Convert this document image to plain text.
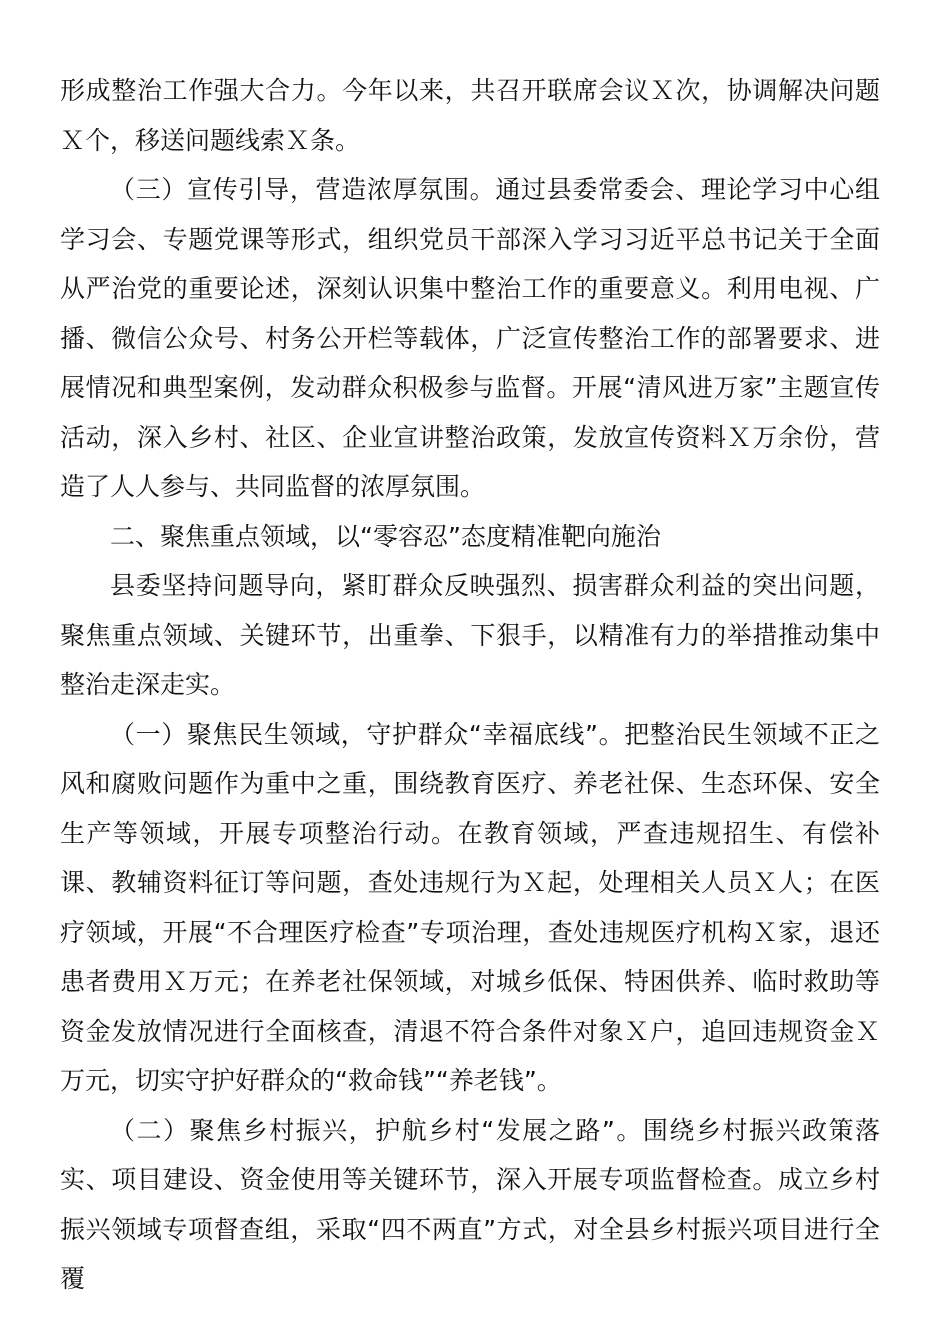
形成整治工作强大合力。今年以来，共召开联席会议Ｘ次，协调解决问题Ｘ个，移送问题线索Ｘ条。

（三）宣传引导，营造浓厚氛围。通过县委常委会、理论学习中心组学习会、专题党课等形式，组织党员干部深入学习习近平总书记关于全面从严治党的重要论述，深刻认识集中整治工作的重要意义。利用电视、广播、微信公众号、村务公开栏等载体，广泛宣传整治工作的部署要求、进展情况和典型案例，发动群众积极参与监督。开展“清风进万家”主题宣传活动，深入乡村、社区、企业宣讲整治政策，发放宣传资料Ｘ万余份，营造了人人参与、共同监督的浓厚氛围。

二、聚焦重点领域，以“零容忍”态度精准靶向施治

县委坚持问题导向，紧盯群众反映强烈、损害群众利益的突出问题，聚焦重点领域、关键环节，出重拳、下狠手，以精准有力的举措推动集中整治走深走实。

（一）聚焦民生领域，守护群众“幸福底线”。把整治民生领域不正之风和腐败问题作为重中之重，围绕教育医疗、养老社保、生态环保、安全生产等领域，开展专项整治行动。在教育领域，严查违规招生、有偿补课、教辅资料征订等问题，查处违规行为Ｘ起，处理相关人员Ｘ人；在医疗领域，开展“不合理医疗检查”专项治理，查处违规医疗机构Ｘ家，退还患者费用Ｘ万元；在养老社保领域，对城乡低保、特困供养、临时救助等资金发放情况进行全面核查，清退不符合条件对象Ｘ户，追回违规资金Ｘ万元，切实守护好群众的“救命钱”“养老钱”。

（二）聚焦乡村振兴，护航乡村“发展之路”。围绕乡村振兴政策落实、项目建设、资金使用等关键环节，深入开展专项监督检查。成立乡村振兴领域专项督查组，采取“四不两直”方式，对全县乡村振兴项目进行全覆
